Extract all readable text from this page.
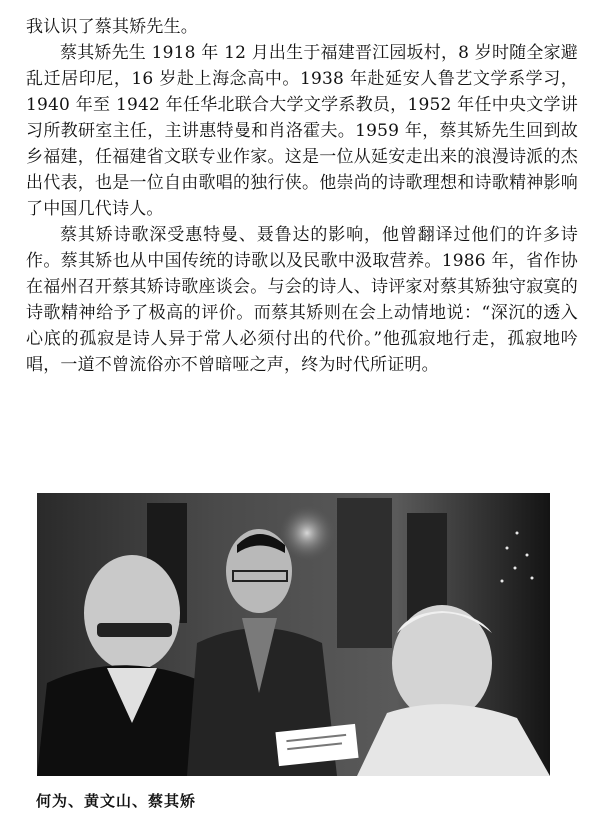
我认识了蔡其矫先生。

蔡其矫先生 1918 年 12 月出生于福建晋江园坂村，8 岁时随全家避乱迁居印尼，16 岁赴上海念高中。1938 年赴延安人鲁艺文学系学习，1940 年至 1942 年任华北联合大学文学系教员，1952 年任中央文学讲习所教研室主任，主讲惠特曼和肖洛霍夫。1959 年，蔡其矫先生回到故乡福建，任福建省文联专业作家。这是一位从延安走出来的浪漫诗派的杰出代表，也是一位自由歌唱的独行侠。他崇尚的诗歌理想和诗歌精神影响了中国几代诗人。

蔡其矫诗歌深受惠特曼、聂鲁达的影响，他曾翻译过他们的许多诗作。蔡其矫也从中国传统的诗歌以及民歌中汲取营养。1986 年，省作协在福州召开蔡其矫诗歌座谈会。与会的诗人、诗评家对蔡其矫独守寂寞的诗歌精神给予了极高的评价。而蔡其矫则在会上动情地说：“深沉的透入心底的孤寂是诗人异于常人必须付出的代价。”他孤寂地行走，孤寂地吟唱，一道不曾流俗亦不曾暗哑之声，终为时代所证明。

何为、黄文山、蔡其矫
